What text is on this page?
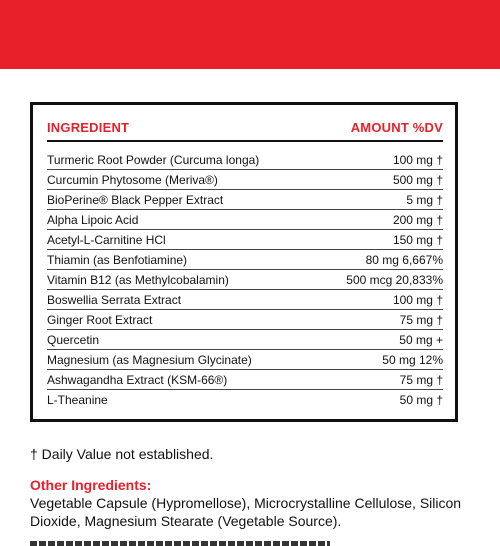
INGREDIENT	AMOUNT %DV
Turmeric Root Powder (Curcuma longa)	100 mg †
Curcumin Phytosome (Meriva®)	500 mg †
BioPerine® Black Pepper Extract	5 mg †
Alpha Lipoic Acid	200 mg †
Acetyl-L-Carnitine HCl	150 mg †
Thiamin (as Benfotiamine)	80 mg 6,667%
Vitamin B12 (as Methylcobalamin)	500 mcg 20,833%
Boswellia Serrata Extract	100 mg †
Ginger Root Extract	75 mg †
Quercetin	50 mg +
Magnesium (as Magnesium Glycinate)	50 mg 12%
Ashwagandha Extract (KSM-66®)	75 mg †
L-Theanine	50 mg †
† Daily Value not established.
Other Ingredients:
Vegetable Capsule (Hypromellose), Microcrystalline Cellulose, Silicon Dioxide, Magnesium Stearate (Vegetable Source).
